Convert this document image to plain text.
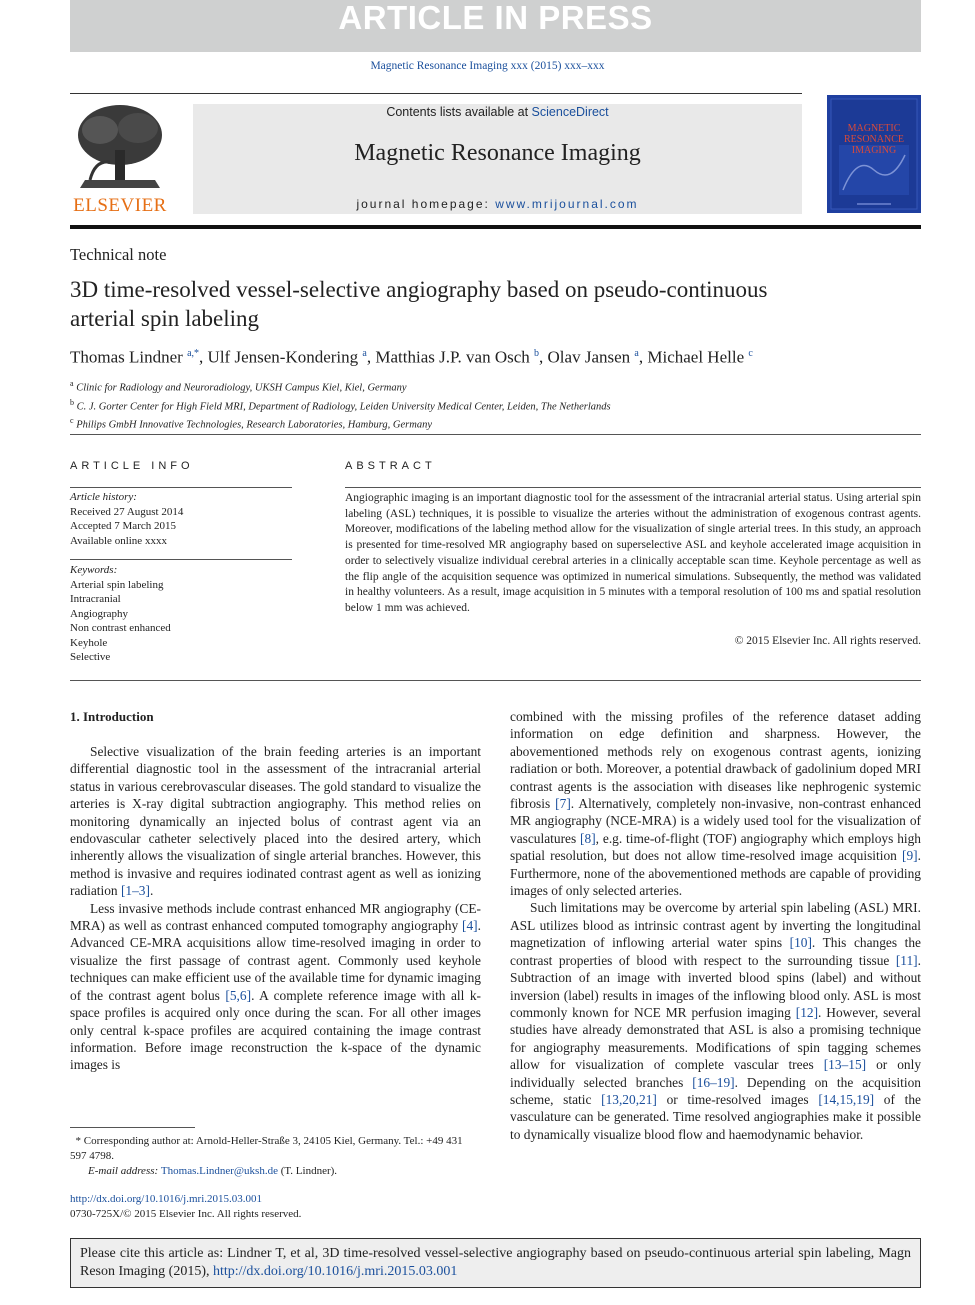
ARTICLE IN PRESS
Magnetic Resonance Imaging xxx (2015) xxx–xxx
ELSEVIER
Contents lists available at ScienceDirect
Magnetic Resonance Imaging
journal homepage: www.mrijournal.com
MAGNETIC RESONANCE IMAGING
Technical note
3D time-resolved vessel-selective angiography based on pseudo-continuous arterial spin labeling
Thomas Lindner $^{a,*}$, Ulf Jensen-Kondering $^a$, Matthias J.P. van Osch $^b$, Olav Jansen $^a$, Michael Helle $^c$
$^a$ Clinic for Radiology and Neuroradiology, UKSH Campus Kiel, Kiel, Germany
$^b$ C. J. Gorter Center for High Field MRI, Department of Radiology, Leiden University Medical Center, Leiden, The Netherlands
$^c$ Philips GmbH Innovative Technologies, Research Laboratories, Hamburg, Germany
ARTICLE INFO
Article history:
Received 27 August 2014
Accepted 7 March 2015
Available online xxxx
Keywords:
Arterial spin labeling
Intracranial
Angiography
Non contrast enhanced
Keyhole
Selective
ABSTRACT
Angiographic imaging is an important diagnostic tool for the assessment of the intracranial arterial status. Using arterial spin labeling (ASL) techniques, it is possible to visualize the arteries without the administration of exogenous contrast agents. Moreover, modifications of the labeling method allow for the visualization of single arterial trees. In this study, an approach is presented for time-resolved MR angiography based on superselective ASL and keyhole accelerated image acquisition in order to selectively visualize individual cerebral arteries in a clinically acceptable scan time. Keyhole percentage as well as the flip angle of the acquisition sequence was optimized in numerical simulations. Subsequently, the method was validated in healthy volunteers. As a result, image acquisition in 5 minutes with a temporal resolution of 100 ms and spatial resolution below 1 mm was achieved.
© 2015 Elsevier Inc. All rights reserved.
1. Introduction

Selective visualization of the brain feeding arteries is an important differential diagnostic tool in the assessment of the intracranial arterial status in various cerebrovascular diseases. The gold standard to visualize the arteries is X-ray digital subtraction angiography. This method relies on monitoring dynamically an injected bolus of contrast agent via an endovascular catheter selectively placed into the desired artery, which inherently allows the visualization of single arterial branches. However, this method is invasive and requires iodinated contrast agent as well as ionizing radiation [1–3].

Less invasive methods include contrast enhanced MR angiography (CE-MRA) as well as contrast enhanced computed tomography angiography [4]. Advanced CE-MRA acquisitions allow time-resolved imaging in order to visualize the first passage of contrast agent. Commonly used keyhole techniques can make efficient use of the available time for dynamic imaging of the contrast agent bolus [5,6]. A complete reference image with all k-space profiles is acquired only once during the scan. For all other images only central k-space profiles are acquired containing the image contrast information. Before image reconstruction the k-space of the dynamic images is

combined with the missing profiles of the reference dataset adding information on edge definition and sharpness. However, the abovementioned methods rely on exogenous contrast agents, ionizing radiation or both. Moreover, a potential drawback of gadolinium doped MRI contrast agents is the association with diseases like nephrogenic systemic fibrosis [7]. Alternatively, completely non-invasive, non-contrast enhanced MR angiography (NCE-MRA) is a widely used tool for the visualization of vasculatures [8], e.g. time-of-flight (TOF) angiography which employs high spatial resolution, but does not allow time-resolved image acquisition [9]. Furthermore, none of the abovementioned methods are capable of providing images of only selected arteries.

Such limitations may be overcome by arterial spin labeling (ASL) MRI. ASL utilizes blood as intrinsic contrast agent by inverting the longitudinal magnetization of inflowing arterial water spins [10]. This changes the contrast properties of blood with respect to the surrounding tissue [11]. Subtraction of an image with inverted blood spins (label) and without inversion (label) results in images of the inflowing blood only. ASL is most commonly known for NCE MR perfusion imaging [12]. However, several studies have already demonstrated that ASL is also a promising technique for angiography measurements. Modifications of spin tagging schemes allow for visualization of complete vascular trees [13–15] or only individually selected branches [16–19]. Depending on the acquisition scheme, static [13,20,21] or time-resolved images [14,15,19] of the vasculature can be generated. Time resolved angiographies make it possible to dynamically visualize blood flow and haemodynamic behavior.

* Corresponding author at: Arnold-Heller-Straße 3, 24105 Kiel, Germany. Tel.: +49 431 597 4798.
E-mail address: Thomas.Lindner@uksh.de (T. Lindner).
http://dx.doi.org/10.1016/j.mri.2015.03.001
0730-725X/© 2015 Elsevier Inc. All rights reserved.
Please cite this article as: Lindner T, et al, 3D time-resolved vessel-selective angiography based on pseudo-continuous arterial spin labeling, Magn Reson Imaging (2015), http://dx.doi.org/10.1016/j.mri.2015.03.001
